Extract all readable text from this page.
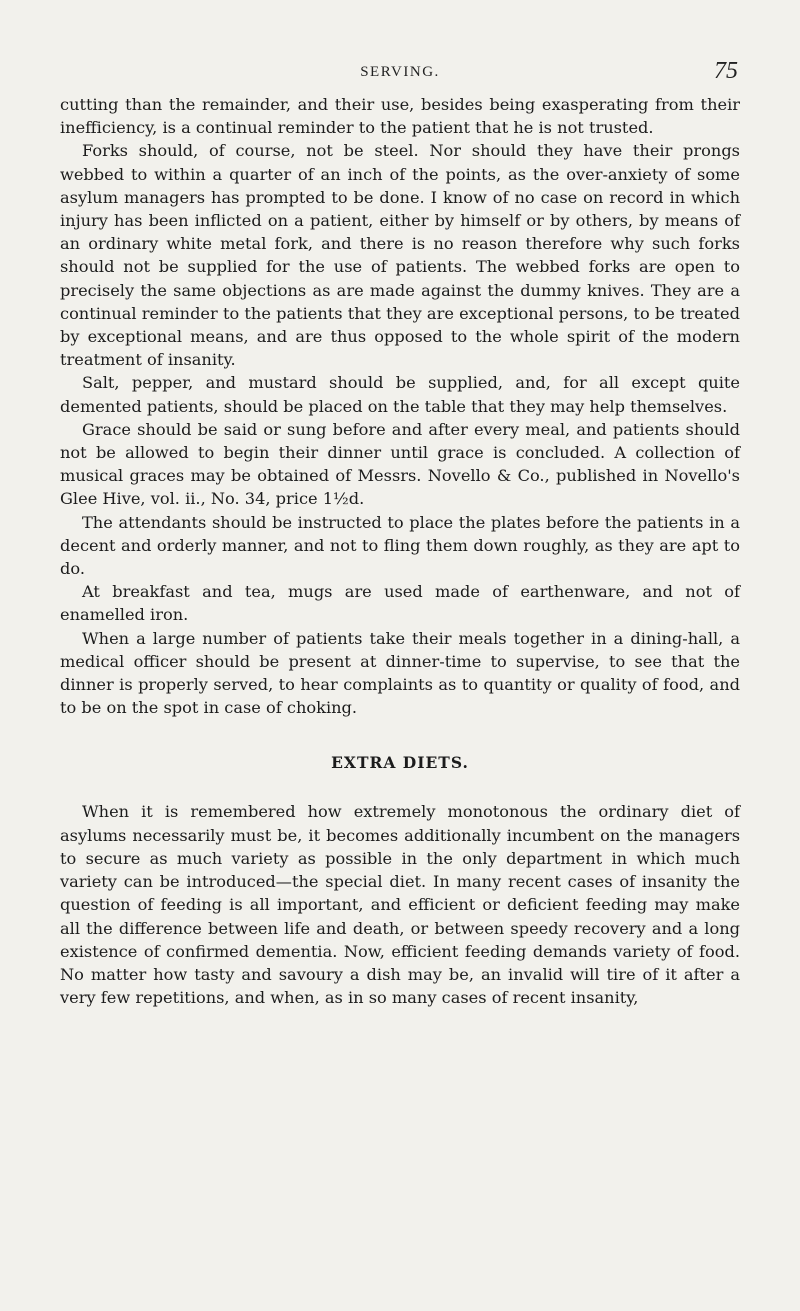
SERVING.	75

cutting than the remainder, and their use, besides being exasperating from their inefficiency, is a continual reminder to the patient that he is not trusted.

Forks should, of course, not be steel. Nor should they have their prongs webbed to within a quarter of an inch of the points, as the over-anxiety of some asylum managers has prompted to be done. I know of no case on record in which injury has been inflicted on a patient, either by himself or by others, by means of an ordinary white metal fork, and there is no reason therefore why such forks should not be supplied for the use of patients. The webbed forks are open to precisely the same objections as are made against the dummy knives. They are a continual reminder to the patients that they are exceptional persons, to be treated by exceptional means, and are thus opposed to the whole spirit of the modern treatment of insanity.

Salt, pepper, and mustard should be supplied, and, for all except quite demented patients, should be placed on the table that they may help themselves.

Grace should be said or sung before and after every meal, and patients should not be allowed to begin their dinner until grace is concluded. A collection of musical graces may be obtained of Messrs. Novello & Co., published in Novello's Glee Hive, vol. ii., No. 34, price 1½d.

The attendants should be instructed to place the plates before the patients in a decent and orderly manner, and not to fling them down roughly, as they are apt to do.

At breakfast and tea, mugs are used made of earthenware, and not of enamelled iron.

When a large number of patients take their meals together in a dining-hall, a medical officer should be present at dinner-time to supervise, to see that the dinner is properly served, to hear complaints as to quantity or quality of food, and to be on the spot in case of choking.

EXTRA DIETS.

When it is remembered how extremely monotonous the ordinary diet of asylums necessarily must be, it becomes additionally incumbent on the managers to secure as much variety as possible in the only department in which much variety can be introduced—the special diet. In many recent cases of insanity the question of feeding is all important, and efficient or deficient feeding may make all the difference between life and death, or between speedy recovery and a long existence of confirmed dementia. Now, efficient feeding demands variety of food. No matter how tasty and savoury a dish may be, an invalid will tire of it after a very few repetitions, and when, as in so many cases of recent insanity,
